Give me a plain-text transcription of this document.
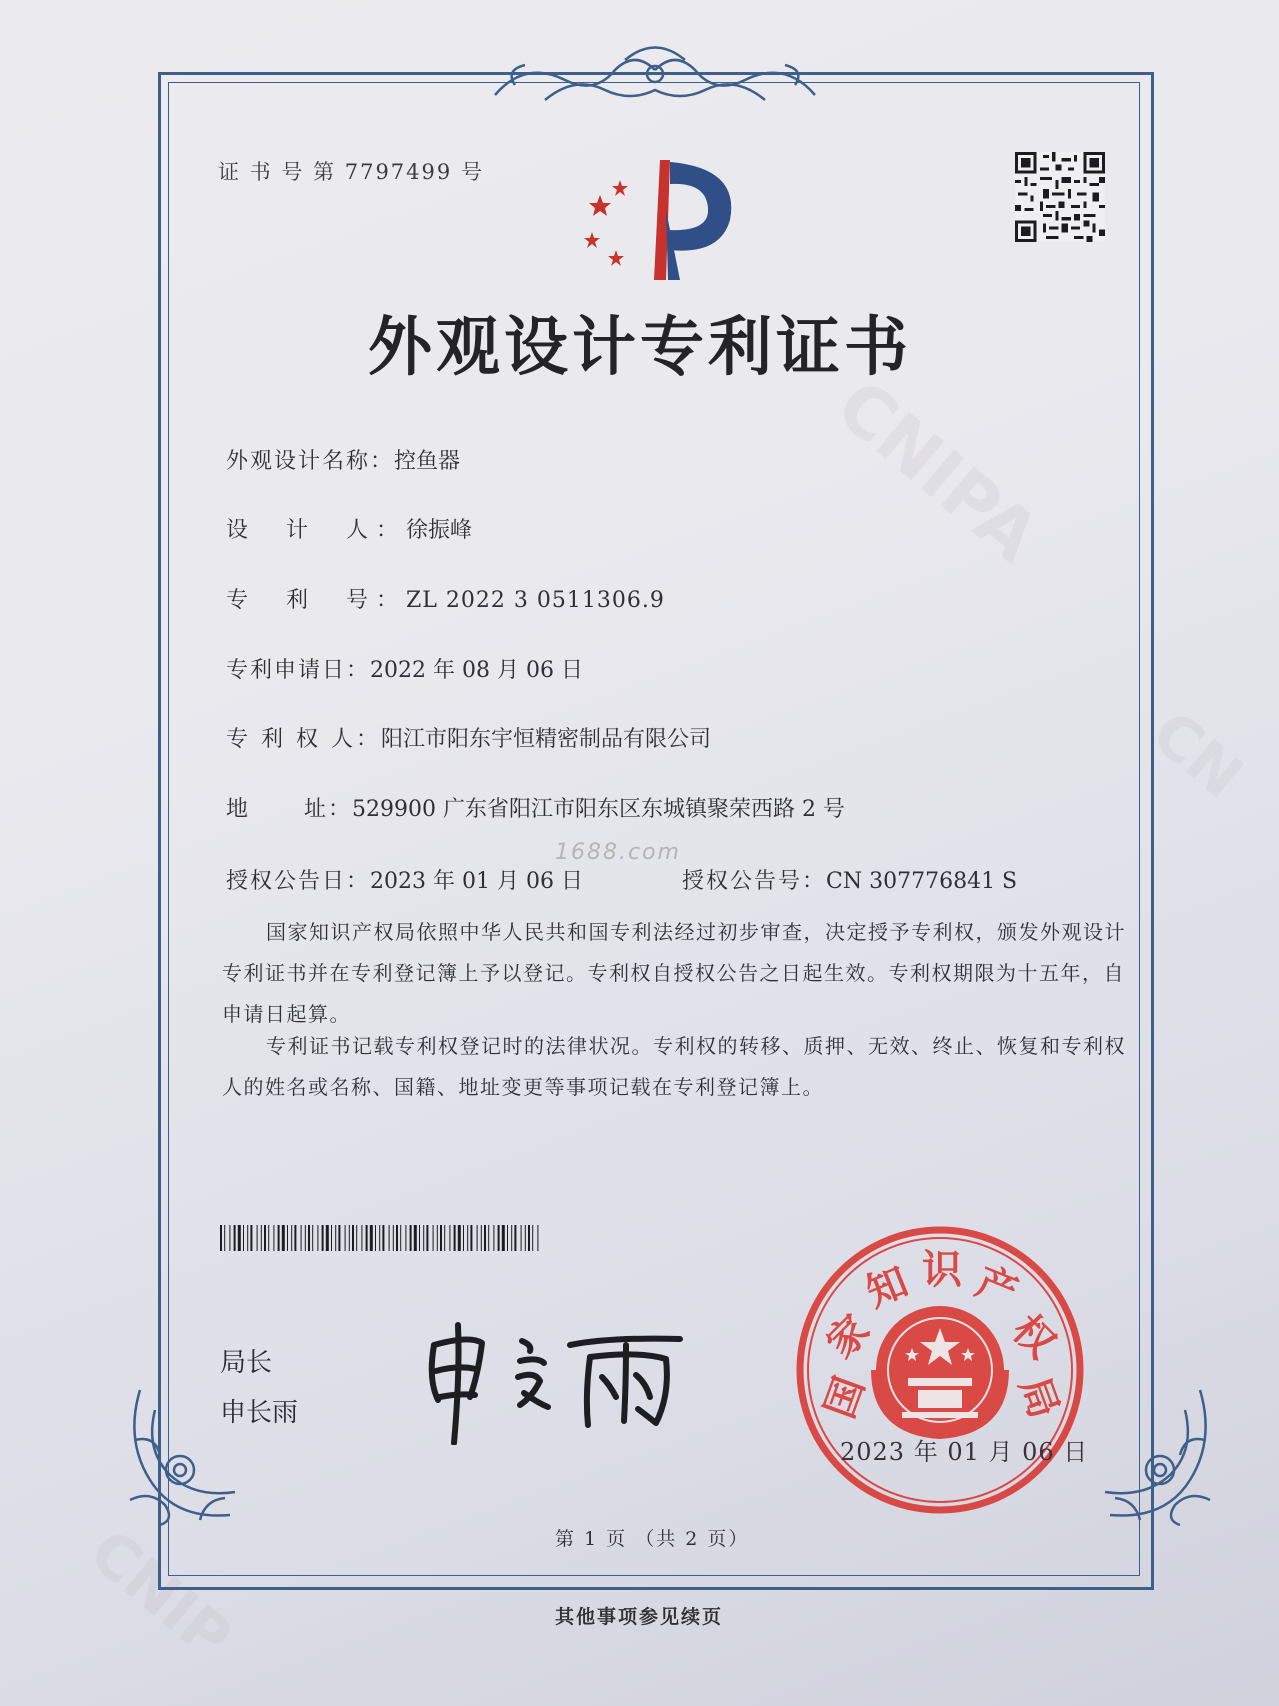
CNIPA
CN
CNIP
证 书 号 第 7797499 号
外观设计专利证书
外观设计名称：控鱼器
设  计  人：徐振峰
专  利  号：ZL 2022 3 0511306.9
专利申请日：2022 年 08 月 06 日
专 利 权 人：阳江市阳东宇恒精密制品有限公司
地      址：529900 广东省阳江市阳东区东城镇聚荣西路 2 号
授权公告日：2023 年 01 月 06 日	授权公告号：CN 307776841 S
1688.com

国家知识产权局依照中华人民共和国专利法经过初步审查，决定授予专利权，颁发外观设计专利证书并在专利登记簿上予以登记。专利权自授权公告之日起生效。专利权期限为十五年，自申请日起算。

专利证书记载专利权登记时的法律状况。专利权的转移、质押、无效、终止、恢复和专利权人的姓名或名称、国籍、地址变更等事项记载在专利登记簿上。

局长
申长雨	国
家
知 识 产
权
局
2023 年 01 月 06 日
第 1 页 （共 2 页）
其他事项参见续页
